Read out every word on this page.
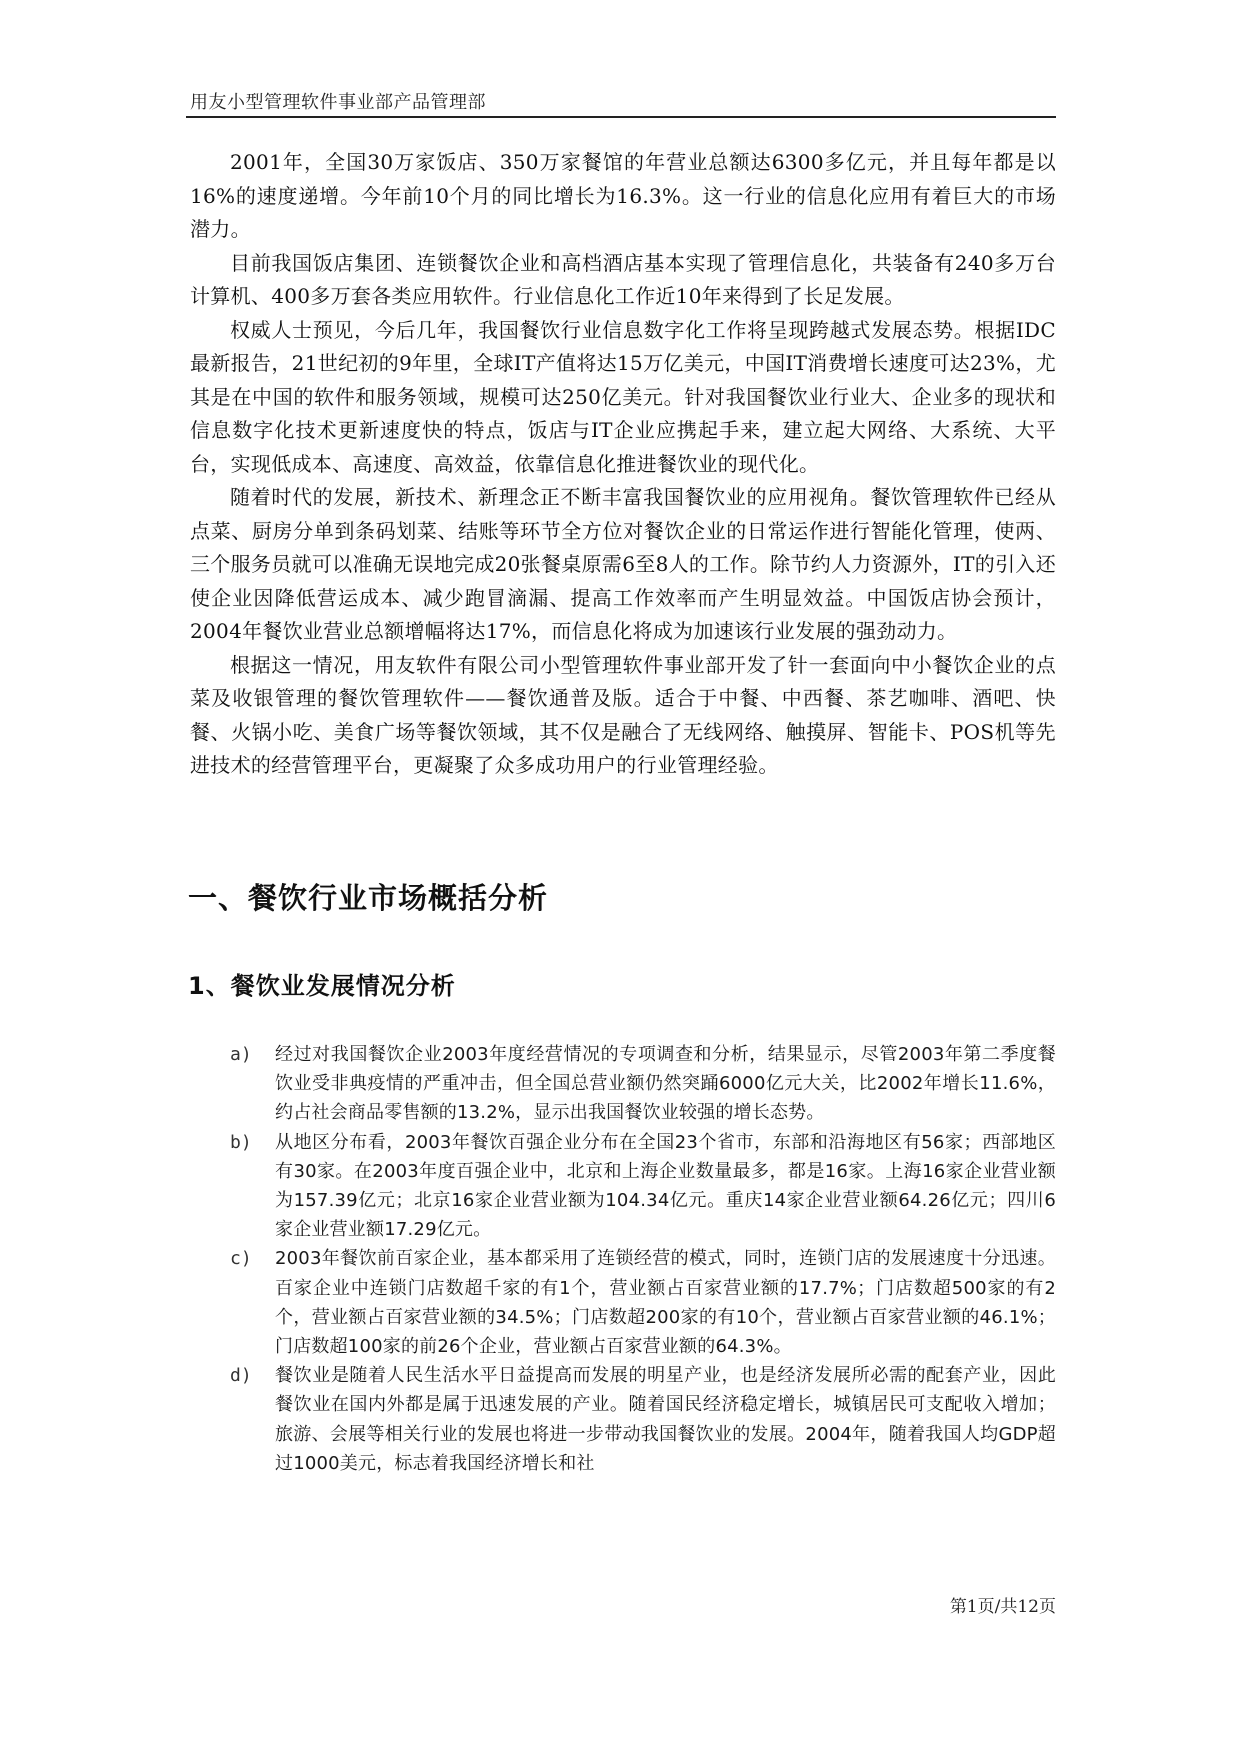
用友小型管理软件事业部产品管理部

2001年，全国30万家饭店、350万家餐馆的年营业总额达6300多亿元，并且每年都是以16%的速度递增。今年前10个月的同比增长为16.3%。这一行业的信息化应用有着巨大的市场潜力。

目前我国饭店集团、连锁餐饮企业和高档酒店基本实现了管理信息化，共装备有240多万台计算机、400多万套各类应用软件。行业信息化工作近10年来得到了长足发展。

权威人士预见，今后几年，我国餐饮行业信息数字化工作将呈现跨越式发展态势。根据IDC最新报告，21世纪初的9年里，全球IT产值将达15万亿美元，中国IT消费增长速度可达23%，尤其是在中国的软件和服务领域，规模可达250亿美元。针对我国餐饮业行业大、企业多的现状和信息数字化技术更新速度快的特点，饭店与IT企业应携起手来，建立起大网络、大系统、大平台，实现低成本、高速度、高效益，依靠信息化推进餐饮业的现代化。

随着时代的发展，新技术、新理念正不断丰富我国餐饮业的应用视角。餐饮管理软件已经从点菜、厨房分单到条码划菜、结账等环节全方位对餐饮企业的日常运作进行智能化管理，使两、三个服务员就可以准确无误地完成20张餐桌原需6至8人的工作。除节约人力资源外，IT的引入还使企业因降低营运成本、减少跑冒滴漏、提高工作效率而产生明显效益。中国饭店协会预计，2004年餐饮业营业总额增幅将达17%，而信息化将成为加速该行业发展的强劲动力。

根据这一情况，用友软件有限公司小型管理软件事业部开发了针一套面向中小餐饮企业的点菜及收银管理的餐饮管理软件——餐饮通普及版。适合于中餐、中西餐、茶艺咖啡、酒吧、快餐、火锅小吃、美食广场等餐饮领域，其不仅是融合了无线网络、触摸屏、智能卡、POS机等先进技术的经营管理平台，更凝聚了众多成功用户的行业管理经验。

一、餐饮行业市场概括分析
1、餐饮业发展情况分析
a) 经过对我国餐饮企业2003年度经营情况的专项调查和分析，结果显示，尽管2003年第二季度餐饮业受非典疫情的严重冲击，但全国总营业额仍然突踊6000亿元大关，比2002年增长11.6%，约占社会商品零售额的13.2%，显示出我国餐饮业较强的增长态势。
b) 从地区分布看，2003年餐饮百强企业分布在全国23个省市，东部和沿海地区有56家；西部地区有30家。在2003年度百强企业中，北京和上海企业数量最多，都是16家。上海16家企业营业额为157.39亿元；北京16家企业营业额为104.34亿元。重庆14家企业营业额64.26亿元；四川6家企业营业额17.29亿元。
c) 2003年餐饮前百家企业，基本都采用了连锁经营的模式，同时，连锁门店的发展速度十分迅速。百家企业中连锁门店数超千家的有1个，营业额占百家营业额的17.7%；门店数超500家的有2个，营业额占百家营业额的34.5%；门店数超200家的有10个，营业额占百家营业额的46.1%；门店数超100家的前26个企业，营业额占百家营业额的64.3%。
d) 餐饮业是随着人民生活水平日益提高而发展的明星产业，也是经济发展所必需的配套产业，因此餐饮业在国内外都是属于迅速发展的产业。随着国民经济稳定增长，城镇居民可支配收入增加；旅游、会展等相关行业的发展也将进一步带动我国餐饮业的发展。2004年，随着我国人均GDP超过1000美元，标志着我国经济增长和社
第1页/共12页
